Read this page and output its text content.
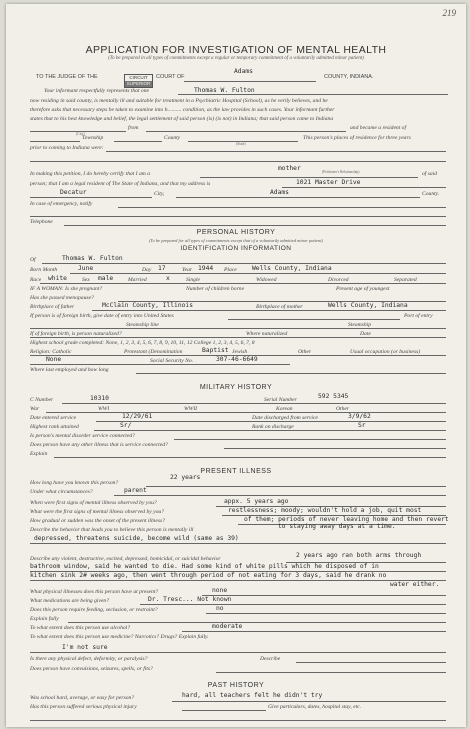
219
APPLICATION FOR INVESTIGATION OF MENTAL HEALTH
(To be prepared in all types of commitments except a regular or temporary commitment of a voluntarily admitted minor patient)
TO THE JUDGE OF THE	CIRCUIT
SUPERIOR
COURT OF
Adams
COUNTY, INDIANA.
Your informant respectfully represents that one	Thomas W. Fulton
now residing in said county, is mentally ill and suitable for treatment in a Psychiatric Hospital (School), as he verily believes, and he
therefore asks that necessary steps be taken to examine into h.......... condition, as the law provides in such cases. Your informant further
states that to his best knowledge and belief, the legal settlement of said person (is) (is not) in Indiana; that said person came to Indiana
from	and became a resident of
(City)
Township	County
(State)
This person's places of residence for three years
prior to coming to Indiana were:
In making this petition, I do hereby certify that I am a
mother	(Petitioner's Relationship)	of said
person; that I am a legal resident of The State of Indiana, and that my address is	1021 Master Drive
Decatur	City,	Adams	County.
In case of emergency, notify
Telephone
PERSONAL HISTORY
(To be prepared for all types of commitments except that of a voluntarily admitted minor patient)
IDENTIFICATION INFORMATION
Of	Thomas W. Fulton
Born Month	June	Day 17	Year 1944 Place Wells County, Indiana
Race white	Sex male	Married	x	Single	Widowed	Divorced	Separated
IF A WOMAN: Is she pregnant?	Number of children borne	Present age of youngest
Has she passed menopause?
Birthplace of father	McClain County, Illinois	Birthplace of mother	Wells County, Indiana
If person is of foreign birth, give date of entry into United States	Port of entry
Steamship line	Steamship
If of foreign birth, is person naturalized?	Where naturalized	Date
Highest school grade completed: None, 1, 2, 3, 4, 5, 6, 7, 8, 9, 10, 11, 12 College 1, 2, 3, 4, 5, 6, 7, 8
Religion: Catholic	Protestant (Denomination	Baptist Jewish	Other	Usual occupation (or business)
None	Social Security No.	307-46-6649
Where last employed and how long
MILITARY HISTORY
C Number	10310	Serial Number	592 5345
War	WWI	WWII	Korean	Other
Date entered service	12/29/61	Date discharged from service	3/9/62
Highest rank attained	Sr/	Rank on discharge	Sr
Is person's mental disorder service connected?
Does person have any other illness that is service connected?
Explain
PRESENT ILLNESS
How long have you known this person?
22 years
Under what circumstances?	parent
When were first signs of mental illness observed by you?	appx. 5 years ago
What were the first signs of mental illness observed by you?	restlessness; moody; wouldn't hold a job, quit most
How gradual or sudden was the onset of the present illness?	of them; periods of never leaving home and then revert
Describe the behavior that leads you to believe this person is mentally ill	to staying away days at a time.
depressed, threatens suicide, become wild (same as 39)
Describe any violent, destructive, excited, depressed, homicidal, or suicidal behavior	2 years ago ran both arms through
bathroom window, said he wanted to die. Had some kind of white pills which he disposed of in
kitchen sink 2# weeks ago, then went through period of not eating for 3 days, said he drank no
water either.
What physical illnesses does this person have at present?	none
What medications are being given?	Dr. Tresc... Not known
Does this person require feeding, seclusion, or restraint?	no
Explain fully
To what extent does this person use alcohol?	moderate
To what extent does this person use medicine? Narcotics? Drugs? Explain fully.
I'm not sure
Is there any physical defect, deformity, or paralysis?	Describe
Does person have convulsions, seizures, spells, or fits?
PAST HISTORY
Was school hard, average, or easy for person?	hard, all teachers felt he didn't try
Has this person suffered serious physical injury	Give particulars, dates, hospital stay, etc.
